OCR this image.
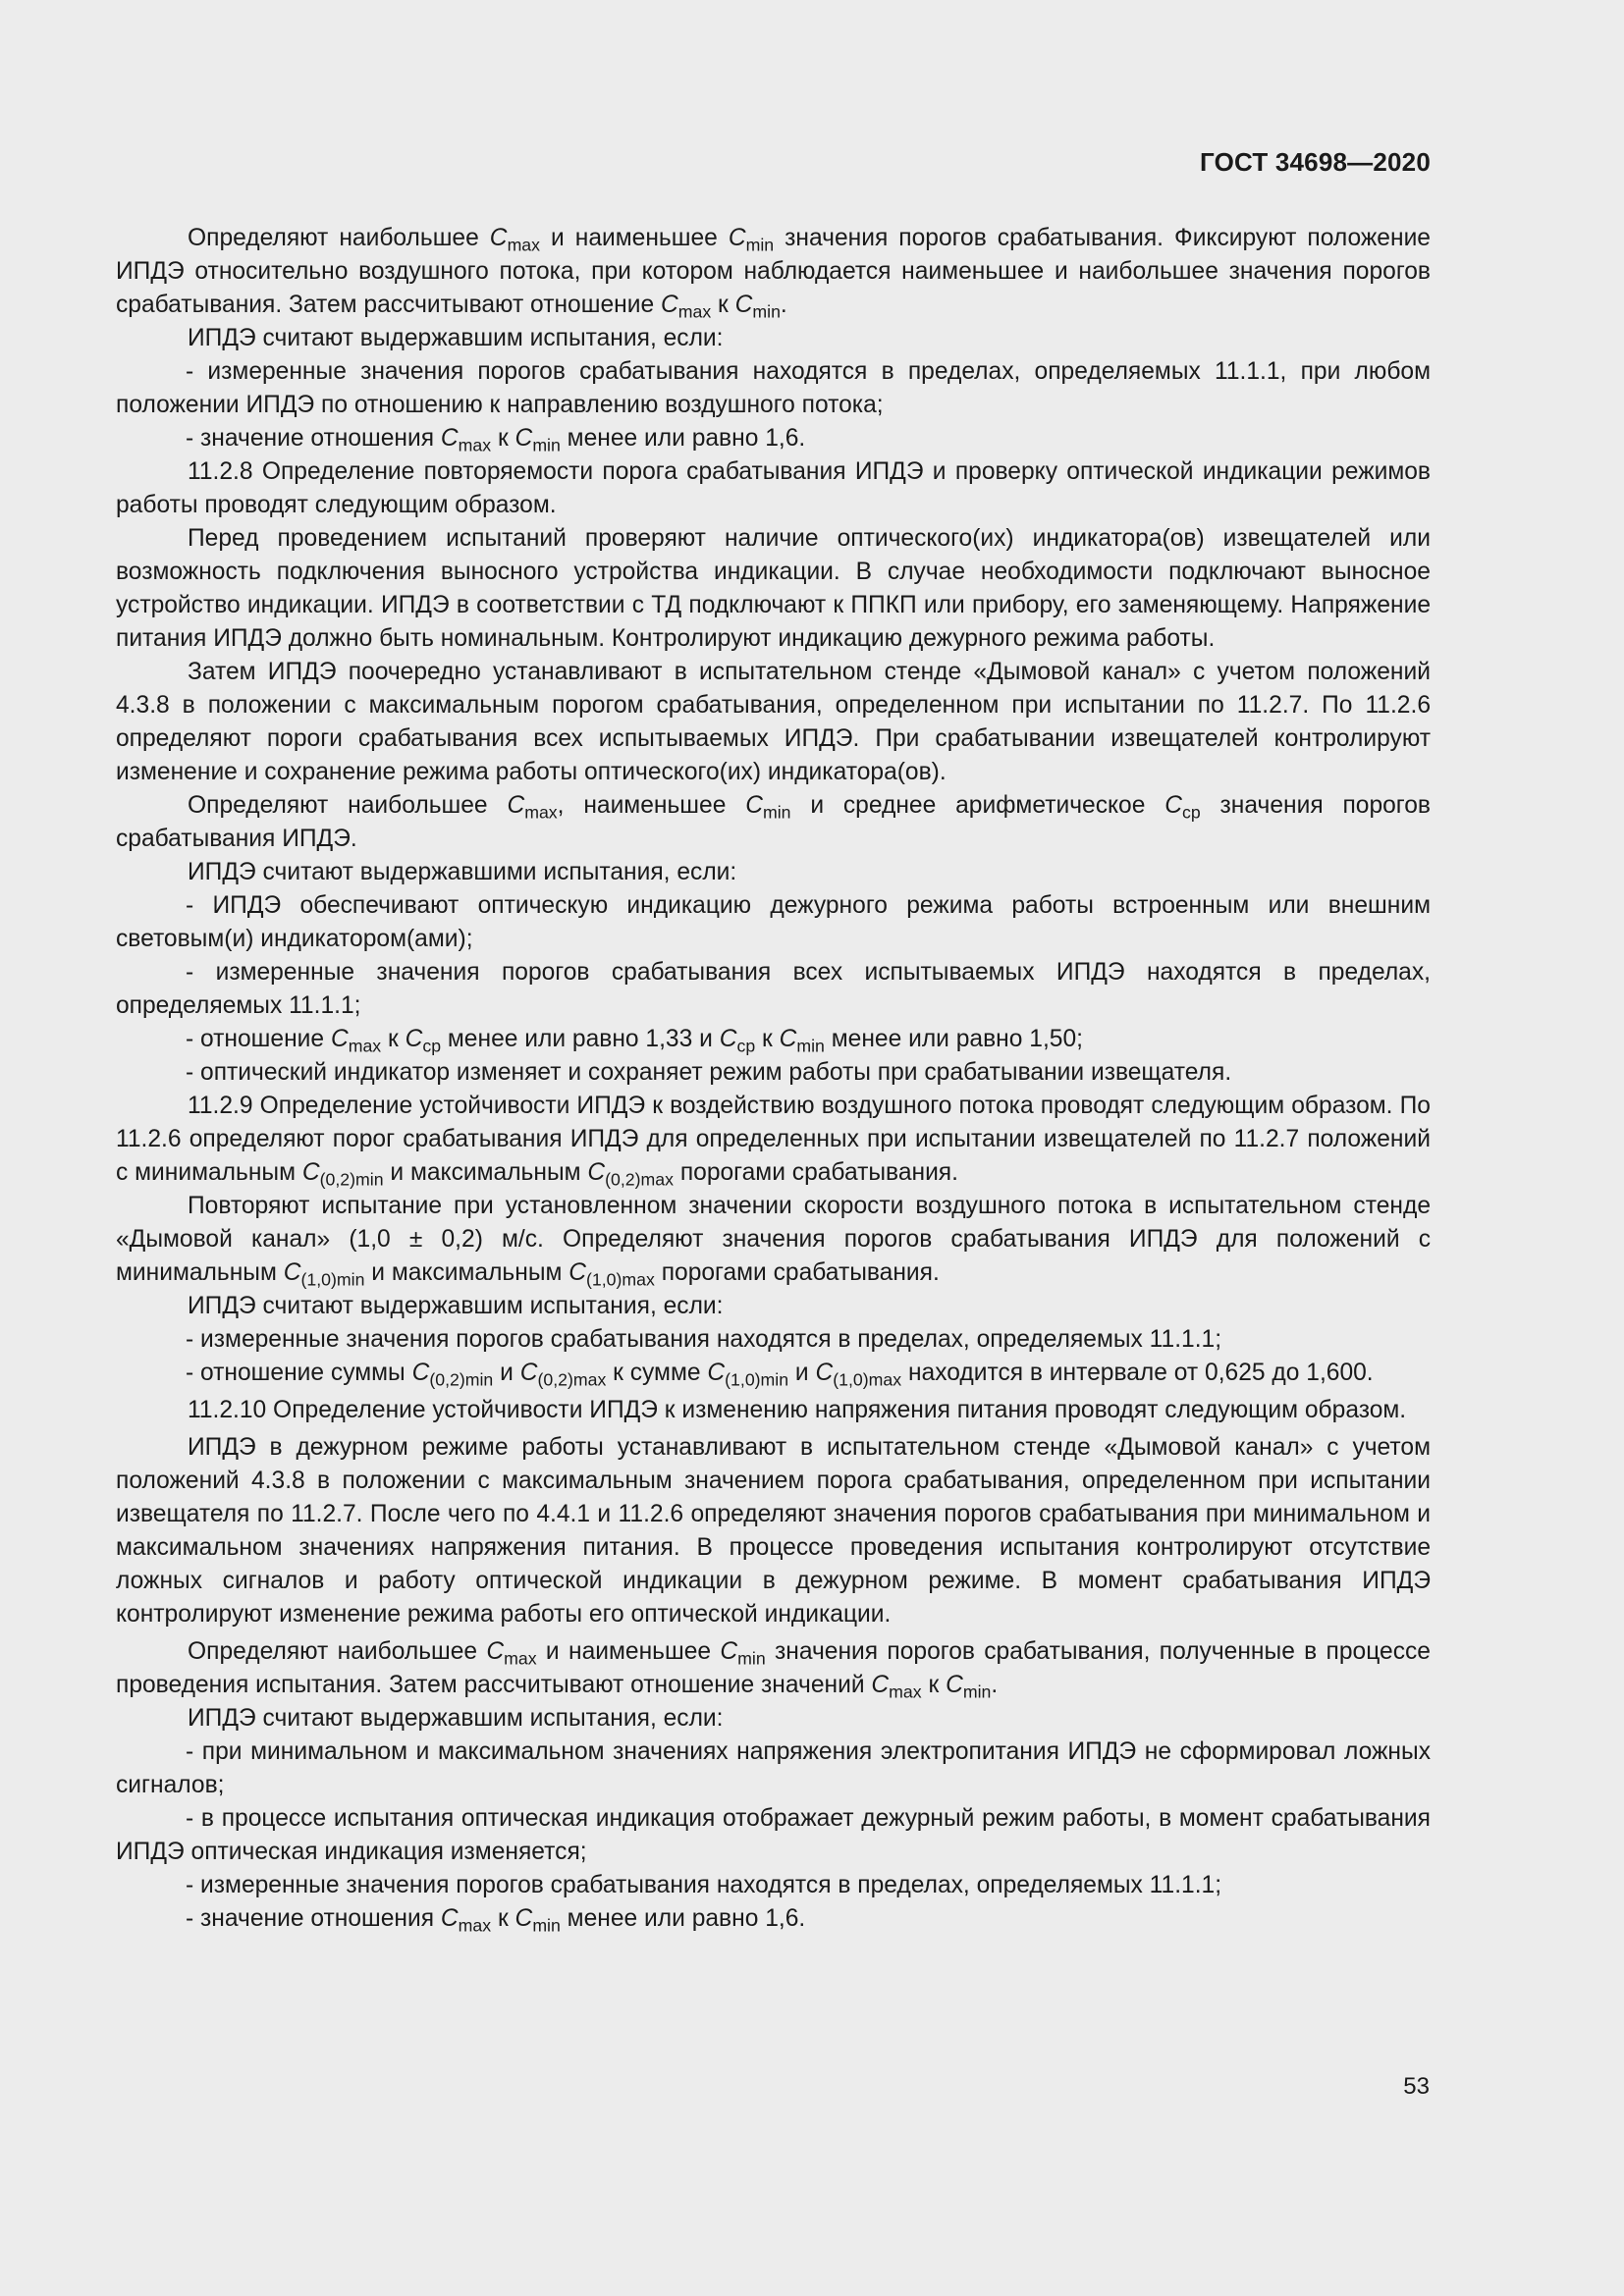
ГОСТ 34698—2020

Определяют наибольшее $C_{max}$ и наименьшее $C_{min}$ значения порогов срабатывания. Фиксируют положение ИПДЭ относительно воздушного потока, при котором наблюдается наименьшее и наибольшее значения порогов срабатывания. Затем рассчитывают отношение $C_{max}$ к $C_{min}$.

ИПДЭ считают выдержавшим испытания, если:

- измеренные значения порогов срабатывания находятся в пределах, определяемых 11.1.1, при любом положении ИПДЭ по отношению к направлению воздушного потока;

- значение отношения $C_{max}$ к $C_{min}$ менее или равно 1,6.

11.2.8 Определение повторяемости порога срабатывания ИПДЭ и проверку оптической индикации режимов работы проводят следующим образом.

Перед проведением испытаний проверяют наличие оптического(их) индикатора(ов) извещателей или возможность подключения выносного устройства индикации. В случае необходимости подключают выносное устройство индикации. ИПДЭ в соответствии с ТД подключают к ППКП или прибору, его заменяющему. Напряжение питания ИПДЭ должно быть номинальным. Контролируют индикацию дежурного режима работы.

Затем ИПДЭ поочередно устанавливают в испытательном стенде «Дымовой канал» с учетом положений 4.3.8 в положении с максимальным порогом срабатывания, определенном при испытании по 11.2.7. По 11.2.6 определяют пороги срабатывания всех испытываемых ИПДЭ. При срабатывании извещателей контролируют изменение и сохранение режима работы оптического(их) индикатора(ов).

Определяют наибольшее $C_{max}$, наименьшее $C_{min}$ и среднее арифметическое $C_{ср}$ значения порогов срабатывания ИПДЭ.

ИПДЭ считают выдержавшими испытания, если:

- ИПДЭ обеспечивают оптическую индикацию дежурного режима работы встроенным или внешним световым(и) индикатором(ами);

- измеренные значения порогов срабатывания всех испытываемых ИПДЭ находятся в пределах, определяемых 11.1.1;

- отношение $C_{max}$ к $C_{ср}$ менее или равно 1,33 и $C_{ср}$ к $C_{min}$ менее или равно 1,50;

- оптический индикатор изменяет и сохраняет режим работы при срабатывании извещателя.

11.2.9 Определение устойчивости ИПДЭ к воздействию воздушного потока проводят следующим образом. По 11.2.6 определяют порог срабатывания ИПДЭ для определенных при испытании извещателей по 11.2.7 положений с минимальным $C_{(0,2)min}$ и максимальным $C_{(0,2)max}$ порогами срабатывания.

Повторяют испытание при установленном значении скорости воздушного потока в испытательном стенде «Дымовой канал» (1,0 ± 0,2) м/с. Определяют значения порогов срабатывания ИПДЭ для положений с минимальным $C_{(1,0)min}$ и максимальным $C_{(1,0)max}$ порогами срабатывания.

ИПДЭ считают выдержавшим испытания, если:

- измеренные значения порогов срабатывания находятся в пределах, определяемых 11.1.1;

- отношение суммы $C_{(0,2)min}$ и $C_{(0,2)max}$ к сумме $C_{(1,0)min}$ и $C_{(1,0)max}$ находится в интервале от 0,625 до 1,600.

11.2.10 Определение устойчивости ИПДЭ к изменению напряжения питания проводят следующим образом.

ИПДЭ в дежурном режиме работы устанавливают в испытательном стенде «Дымовой канал» с учетом положений 4.3.8 в положении с максимальным значением порога срабатывания, определенном при испытании извещателя по 11.2.7. После чего по 4.4.1 и 11.2.6 определяют значения порогов срабатывания при минимальном и максимальном значениях напряжения питания. В процессе проведения испытания контролируют отсутствие ложных сигналов и работу оптической индикации в дежурном режиме. В момент срабатывания ИПДЭ контролируют изменение режима работы его оптической индикации.

Определяют наибольшее $C_{max}$ и наименьшее $C_{min}$ значения порогов срабатывания, полученные в процессе проведения испытания. Затем рассчитывают отношение значений $C_{max}$ к $C_{min}$.

ИПДЭ считают выдержавшим испытания, если:

- при минимальном и максимальном значениях напряжения электропитания ИПДЭ не сформировал ложных сигналов;

- в процессе испытания оптическая индикация отображает дежурный режим работы, в момент срабатывания ИПДЭ оптическая индикация изменяется;

- измеренные значения порогов срабатывания находятся в пределах, определяемых 11.1.1;

- значение отношения $C_{max}$ к $C_{min}$ менее или равно 1,6.

53
